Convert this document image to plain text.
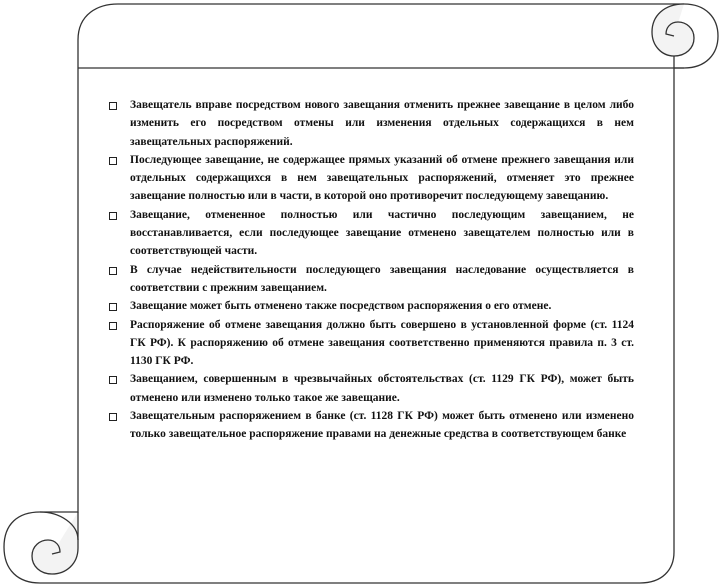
Завещатель вправе посредством нового завещания отменить прежнее завещание в целом либо изменить его посредством отмены или изменения отдельных содержащихся в нем завещательных распоряжений.
Последующее завещание, не содержащее прямых указаний об отмене прежнего завещания или отдельных содержащихся в нем завещательных распоряжений, отменяет это прежнее завещание полностью или в части, в которой оно противоречит последующему завещанию.
Завещание, отмененное полностью или частично последующим завещанием, не восстанавливается, если последующее завещание отменено завещателем полностью или в соответствующей части.
В случае недействительности последующего завещания наследование осуществляется в соответствии с прежним завещанием.
Завещание может быть отменено также посредством распоряжения о его отмене.
Распоряжение об отмене завещания должно быть совершено в установленной форме (ст. 1124 ГК РФ). К распоряжению об отмене завещания соответственно применяются правила п. 3 ст. 1130 ГК РФ.
Завещанием, совершенным в чрезвычайных обстоятельствах (ст. 1129 ГК РФ), может быть отменено или изменено только такое же завещание.
Завещательным распоряжением в банке (ст. 1128 ГК РФ) может быть отменено или изменено только завещательное распоряжение правами на денежные средства в соответствующем банке
